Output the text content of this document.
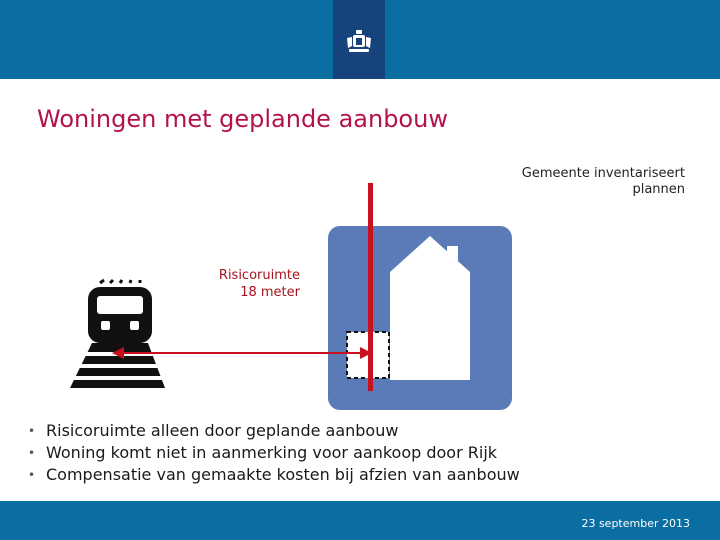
Woningen met geplande aanbouw
Gemeente inventariseert
plannen
Risicoruimte
18 meter
• Risicoruimte alleen door geplande aanbouw
• Woning komt niet in aanmerking voor aankoop door Rijk
• Compensatie van gemaakte kosten bij afzien van aanbouw
23 september 2013
